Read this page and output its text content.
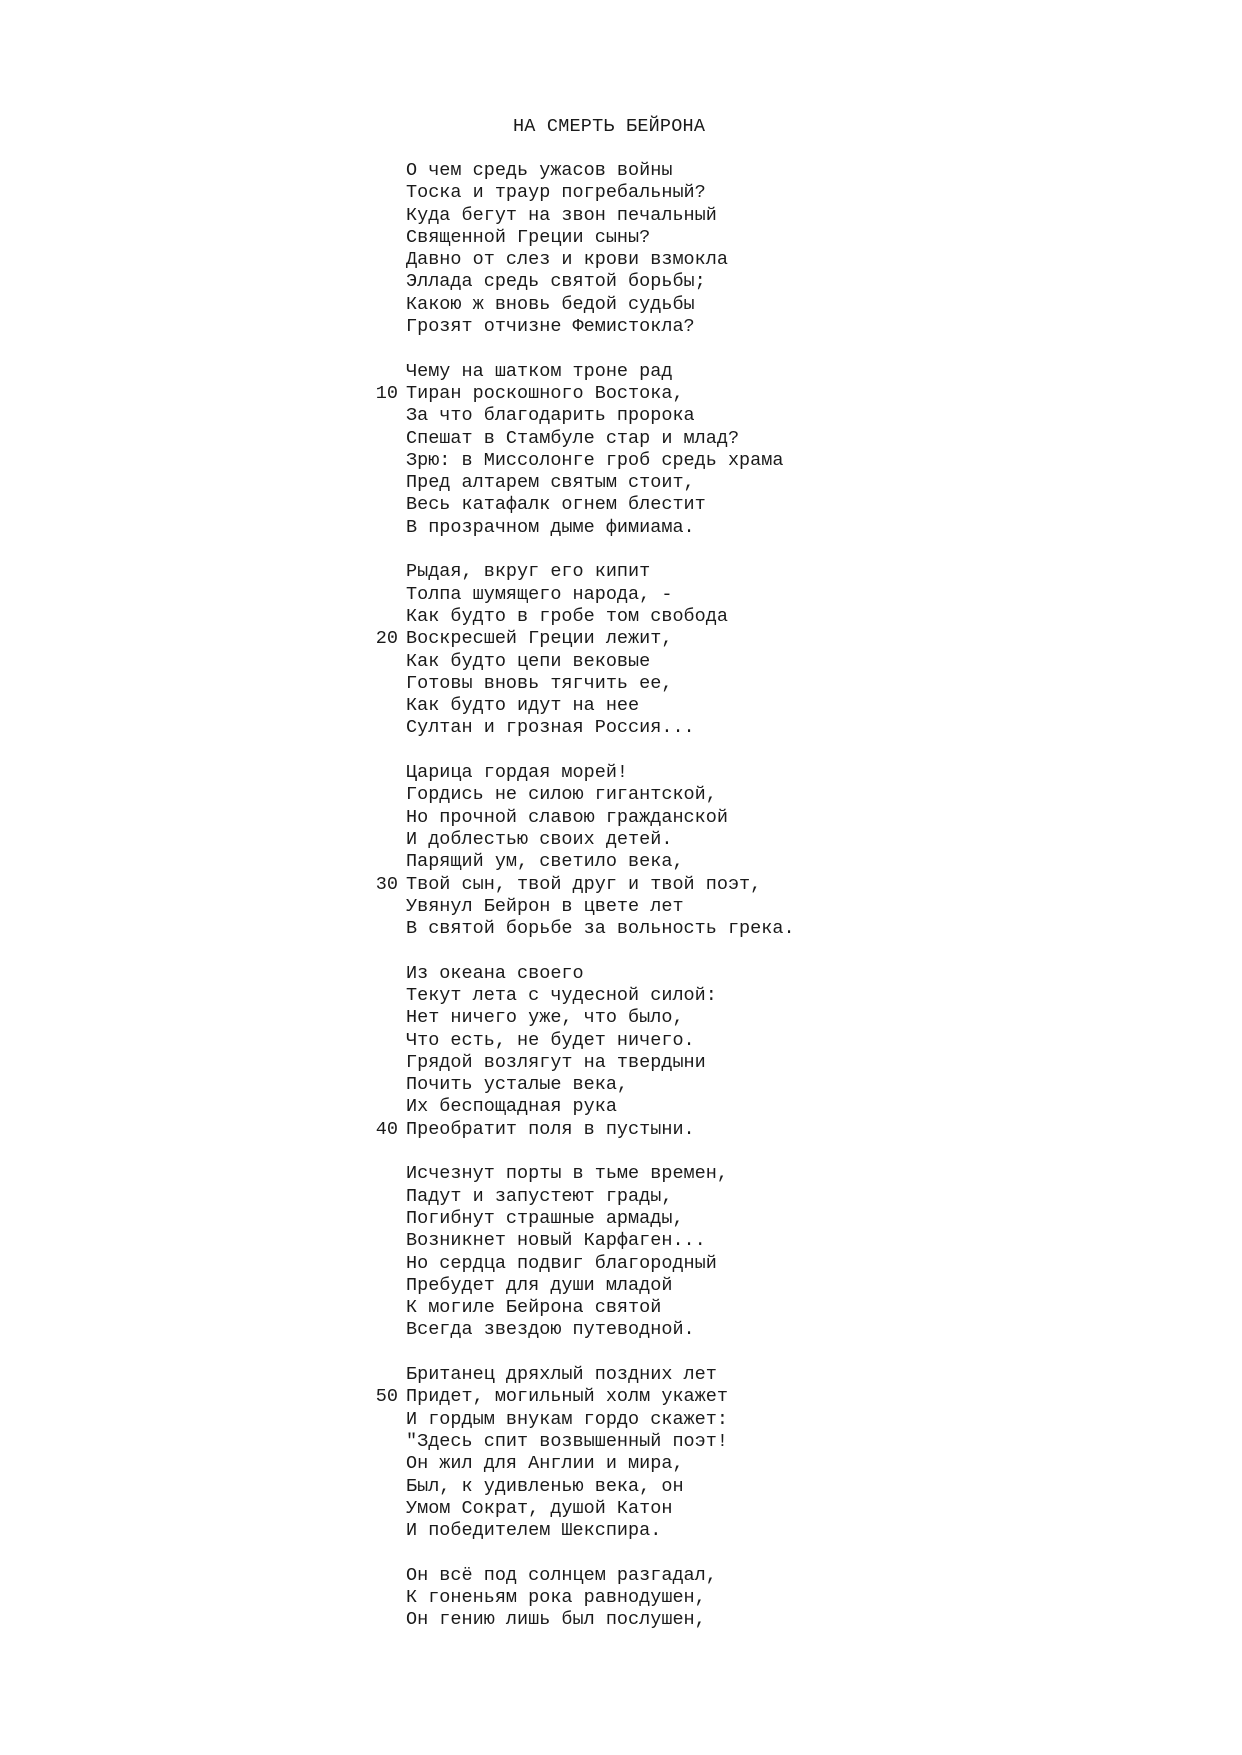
НА СМЕРТЬ БЕЙРОНА
О чем средь ужасов войны
Тоска и траур погребальный?
Куда бегут на звон печальный
Священной Греции сыны?
Давно от слез и крови взмокла
Эллада средь святой борьбы;
Какою ж вновь бедой судьбы
Грозят отчизне Фемистокла?
Чему на шатком троне рад
10 Тиран роскошного Востока,
За что благодарить пророка
Спешат в Стамбуле стар и млад?
Зрю: в Миссолонге гроб средь храма
Пред алтарем святым стоит,
Весь катафалк огнем блестит
В прозрачном дыме фимиама.
Рыдая, вкруг его кипит
Толпа шумящего народа, -
Как будто в гробе том свобода
20 Воскресшей Греции лежит,
Как будто цепи вековые
Готовы вновь тягчить ее,
Как будто идут на нее
Султан и грозная Россия...
Царица гордая морей!
Гордись не силою гигантской,
Но прочной славою гражданской
И доблестью своих детей.
Парящий ум, светило века,
30 Твой сын, твой друг и твой поэт,
Увянул Бейрон в цвете лет
В святой борьбе за вольность грека.
Из океана своего
Текут лета с чудесной силой:
Нет ничего уже, что было,
Что есть, не будет ничего.
Грядой возлягут на твердыни
Почить усталые века,
Их беспощадная рука
40 Преобратит поля в пустыни.
Исчезнут порты в тьме времен,
Падут и запустеют грады,
Погибнут страшные армады,
Возникнет новый Карфаген...
Но сердца подвиг благородный
Пребудет для души младой
К могиле Бейрона святой
Всегда звездою путеводной.
Британец дряхлый поздних лет
50 Придет, могильный холм укажет
И гордым внукам гордо скажет:
"Здесь спит возвышенный поэт!
Он жил для Англии и мира,
Был, к удивленью века, он
Умом Сократ, душой Катон
И победителем Шекспира.
Он всё под солнцем разгадал,
К гоненьям рока равнодушен,
Он гению лишь был послушен,
